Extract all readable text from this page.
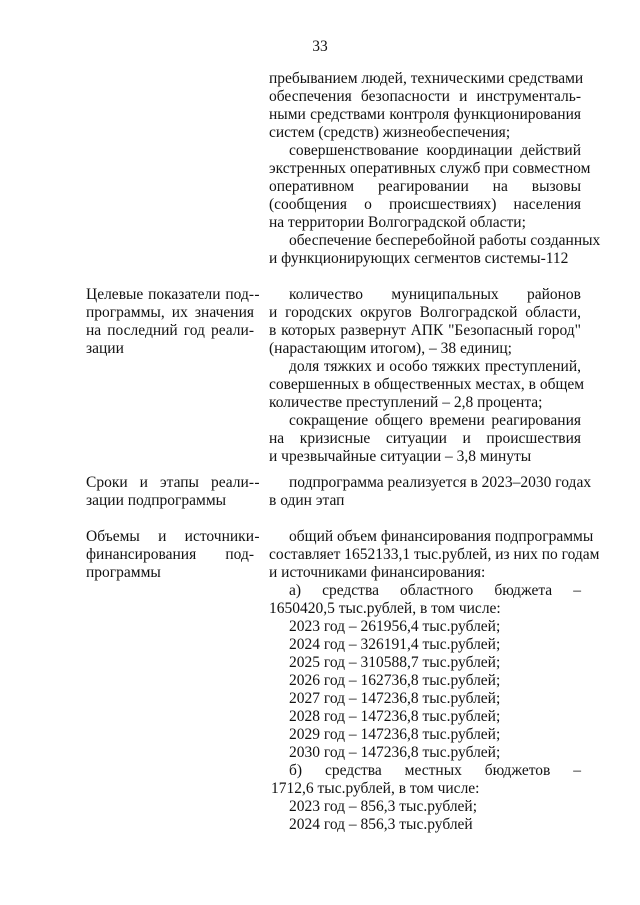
33
пребыванием людей, техническими средствами
обеспечения безопасности и инструменталь-
ными средствами контроля функционирования
систем (средств) жизнеобеспечения;
совершенствование координации действий
экстренных оперативных служб при совместном
оперативном реагировании на вызовы
(сообщения о происшествиях) населения
на территории Волгоградской области;
обеспечение бесперебойной работы созданных
и функционирующих сегментов системы-112
Целевые показатели под-
программы, их значения
на последний год реали-
зации
- количество муниципальных районов
и городских округов Волгоградской области,
в которых развернут АПК "Безопасный город"
(нарастающим итогом), – 38 единиц;
доля тяжких и особо тяжких преступлений,
совершенных в общественных местах, в общем
количестве преступлений – 2,8 процента;
сокращение общего времени реагирования
на кризисные ситуации и происшествия
и чрезвычайные ситуации – 3,8 минуты
Сроки и этапы реали-
зации подпрограммы
- подпрограмма реализуется в 2023–2030 годах
в один этап
Объемы и источники
финансирования под-
программы
- общий объем финансирования подпрограммы
составляет 1652133,1 тыс.рублей, из них по годам
и источниками финансирования:
а) средства областного бюджета –
1650420,5 тыс.рублей, в том числе:
2023 год – 261956,4 тыс.рублей;
2024 год – 326191,4 тыс.рублей;
2025 год – 310588,7 тыс.рублей;
2026 год – 162736,8 тыс.рублей;
2027 год – 147236,8 тыс.рублей;
2028 год – 147236,8 тыс.рублей;
2029 год – 147236,8 тыс.рублей;
2030 год – 147236,8 тыс.рублей;
б) средства местных бюджетов –
1712,6 тыс.рублей, в том числе:
2023 год – 856,3 тыс.рублей;
2024 год – 856,3 тыс.рублей
